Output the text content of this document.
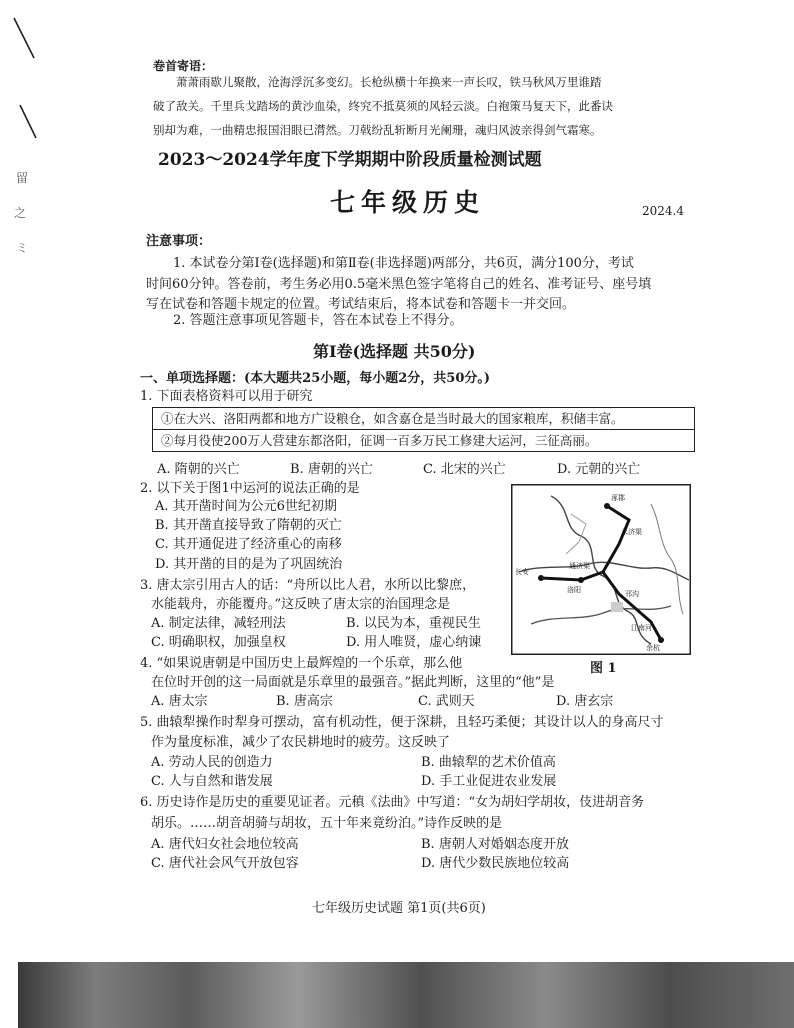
留
之
ミ
卷首寄语：
萧萧雨歇儿聚散，沧海浮沉多变幻。长枪纵横十年换来一声长叹，铁马秋风万里谁踏
破了敌关。千里兵戈踏场的黄沙血染，终究不抵莫须的风轻云淡。白袍策马复天下，此番诀
别却为难，一曲精忠报国泪眼已潸然。刀戟纷乱斩断月光阑珊，魂归风波亲得剑气霜寒。
2023～2024学年度下学期期中阶段质量检测试题
七年级历史	2024.4
注意事项：
1. 本试卷分第Ⅰ卷(选择题)和第Ⅱ卷(非选择题)两部分，共6页，满分100分，考试
时间60分钟。答卷前，考生务必用0.5毫米黑色签字笔将自己的姓名、准考证号、座号填
写在试卷和答题卡规定的位置。考试结束后，将本试卷和答题卡一并交回。
2. 答题注意事项见答题卡，答在本试卷上不得分。
第Ⅰ卷(选择题 共50分)
一、单项选择题：(本大题共25小题，每小题2分，共50分。)
1. 下面表格资料可以用于研究
①在大兴、洛阳两都和地方广设粮仓，如含嘉仓是当时最大的国家粮库，积储丰富。
②每月役使200万人营建东都洛阳，征调一百多万民工修建大运河，三征高丽。
A. 隋朝的兴亡	B. 唐朝的兴亡	C. 北宋的兴亡	D. 元朝的兴亡
2. 以下关于图1中运河的说法正确的是
A. 其开凿时间为公元6世纪初期
B. 其开凿直接导致了隋朝的灭亡
C. 其开通促进了经济重心的南移
D. 其开凿的目的是为了巩固统治
涿郡
长安
洛阳
余杭
永济渠
通济渠
邗沟
江南河
图 1
3. 唐太宗引用古人的话：“舟所以比人君，水所以比黎庶，
水能载舟，亦能覆舟。”这反映了唐太宗的治国理念是
A. 制定法律，减轻刑法	B. 以民为本，重视民生
C. 明确职权，加强皇权	D. 用人唯贤，虚心纳谏
4. “如果说唐朝是中国历史上最辉煌的一个乐章，那么他
在位时开创的这一局面就是乐章里的最强音。”据此判断，这里的“他”是
A. 唐太宗	B. 唐高宗	C. 武则天	D. 唐玄宗
5. 曲辕犁操作时犁身可摆动，富有机动性，便于深耕，且轻巧柔便；其设计以人的身高尺寸
作为量度标准，减少了农民耕地时的疲劳。这反映了
A. 劳动人民的创造力	B. 曲辕犁的艺术价值高
C. 人与自然和谐发展	D. 手工业促进农业发展
6. 历史诗作是历史的重要见证者。元稹《法曲》中写道：“女为胡妇学胡妆，伎进胡音务
胡乐。……胡音胡骑与胡妆，五十年来竟纷泊。”诗作反映的是
A. 唐代妇女社会地位较高	B. 唐朝人对婚姻态度开放
C. 唐代社会风气开放包容	D. 唐代少数民族地位较高
七年级历史试题 第1页(共6页)
